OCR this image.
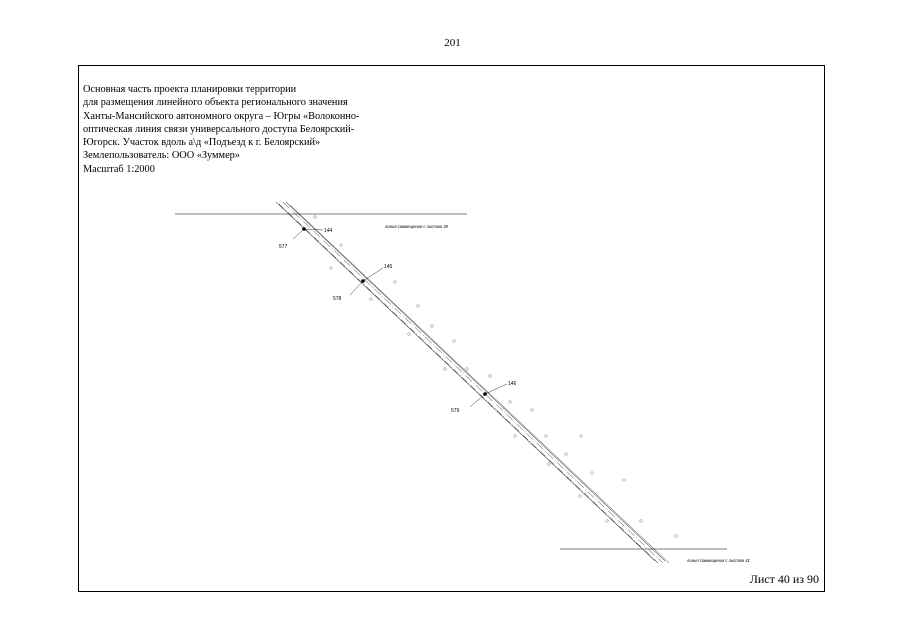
201
Основная часть проекта планировки территории
для размещения линейного объекта регионального значения
Ханты-Мансийского автономного округа – Югры «Волоконно-
оптическая линия связи универсального доступа Белоярский-
Югорск. Участок вдоль а\д «Подъезд к г. Белоярский»
Землепользователь: ООО «Зуммер»
Масштаб 1:2000
линия совмещения с листом 39
линия совмещения с листом 41
144
577
145
578
146
579
Лист 40 из 90
